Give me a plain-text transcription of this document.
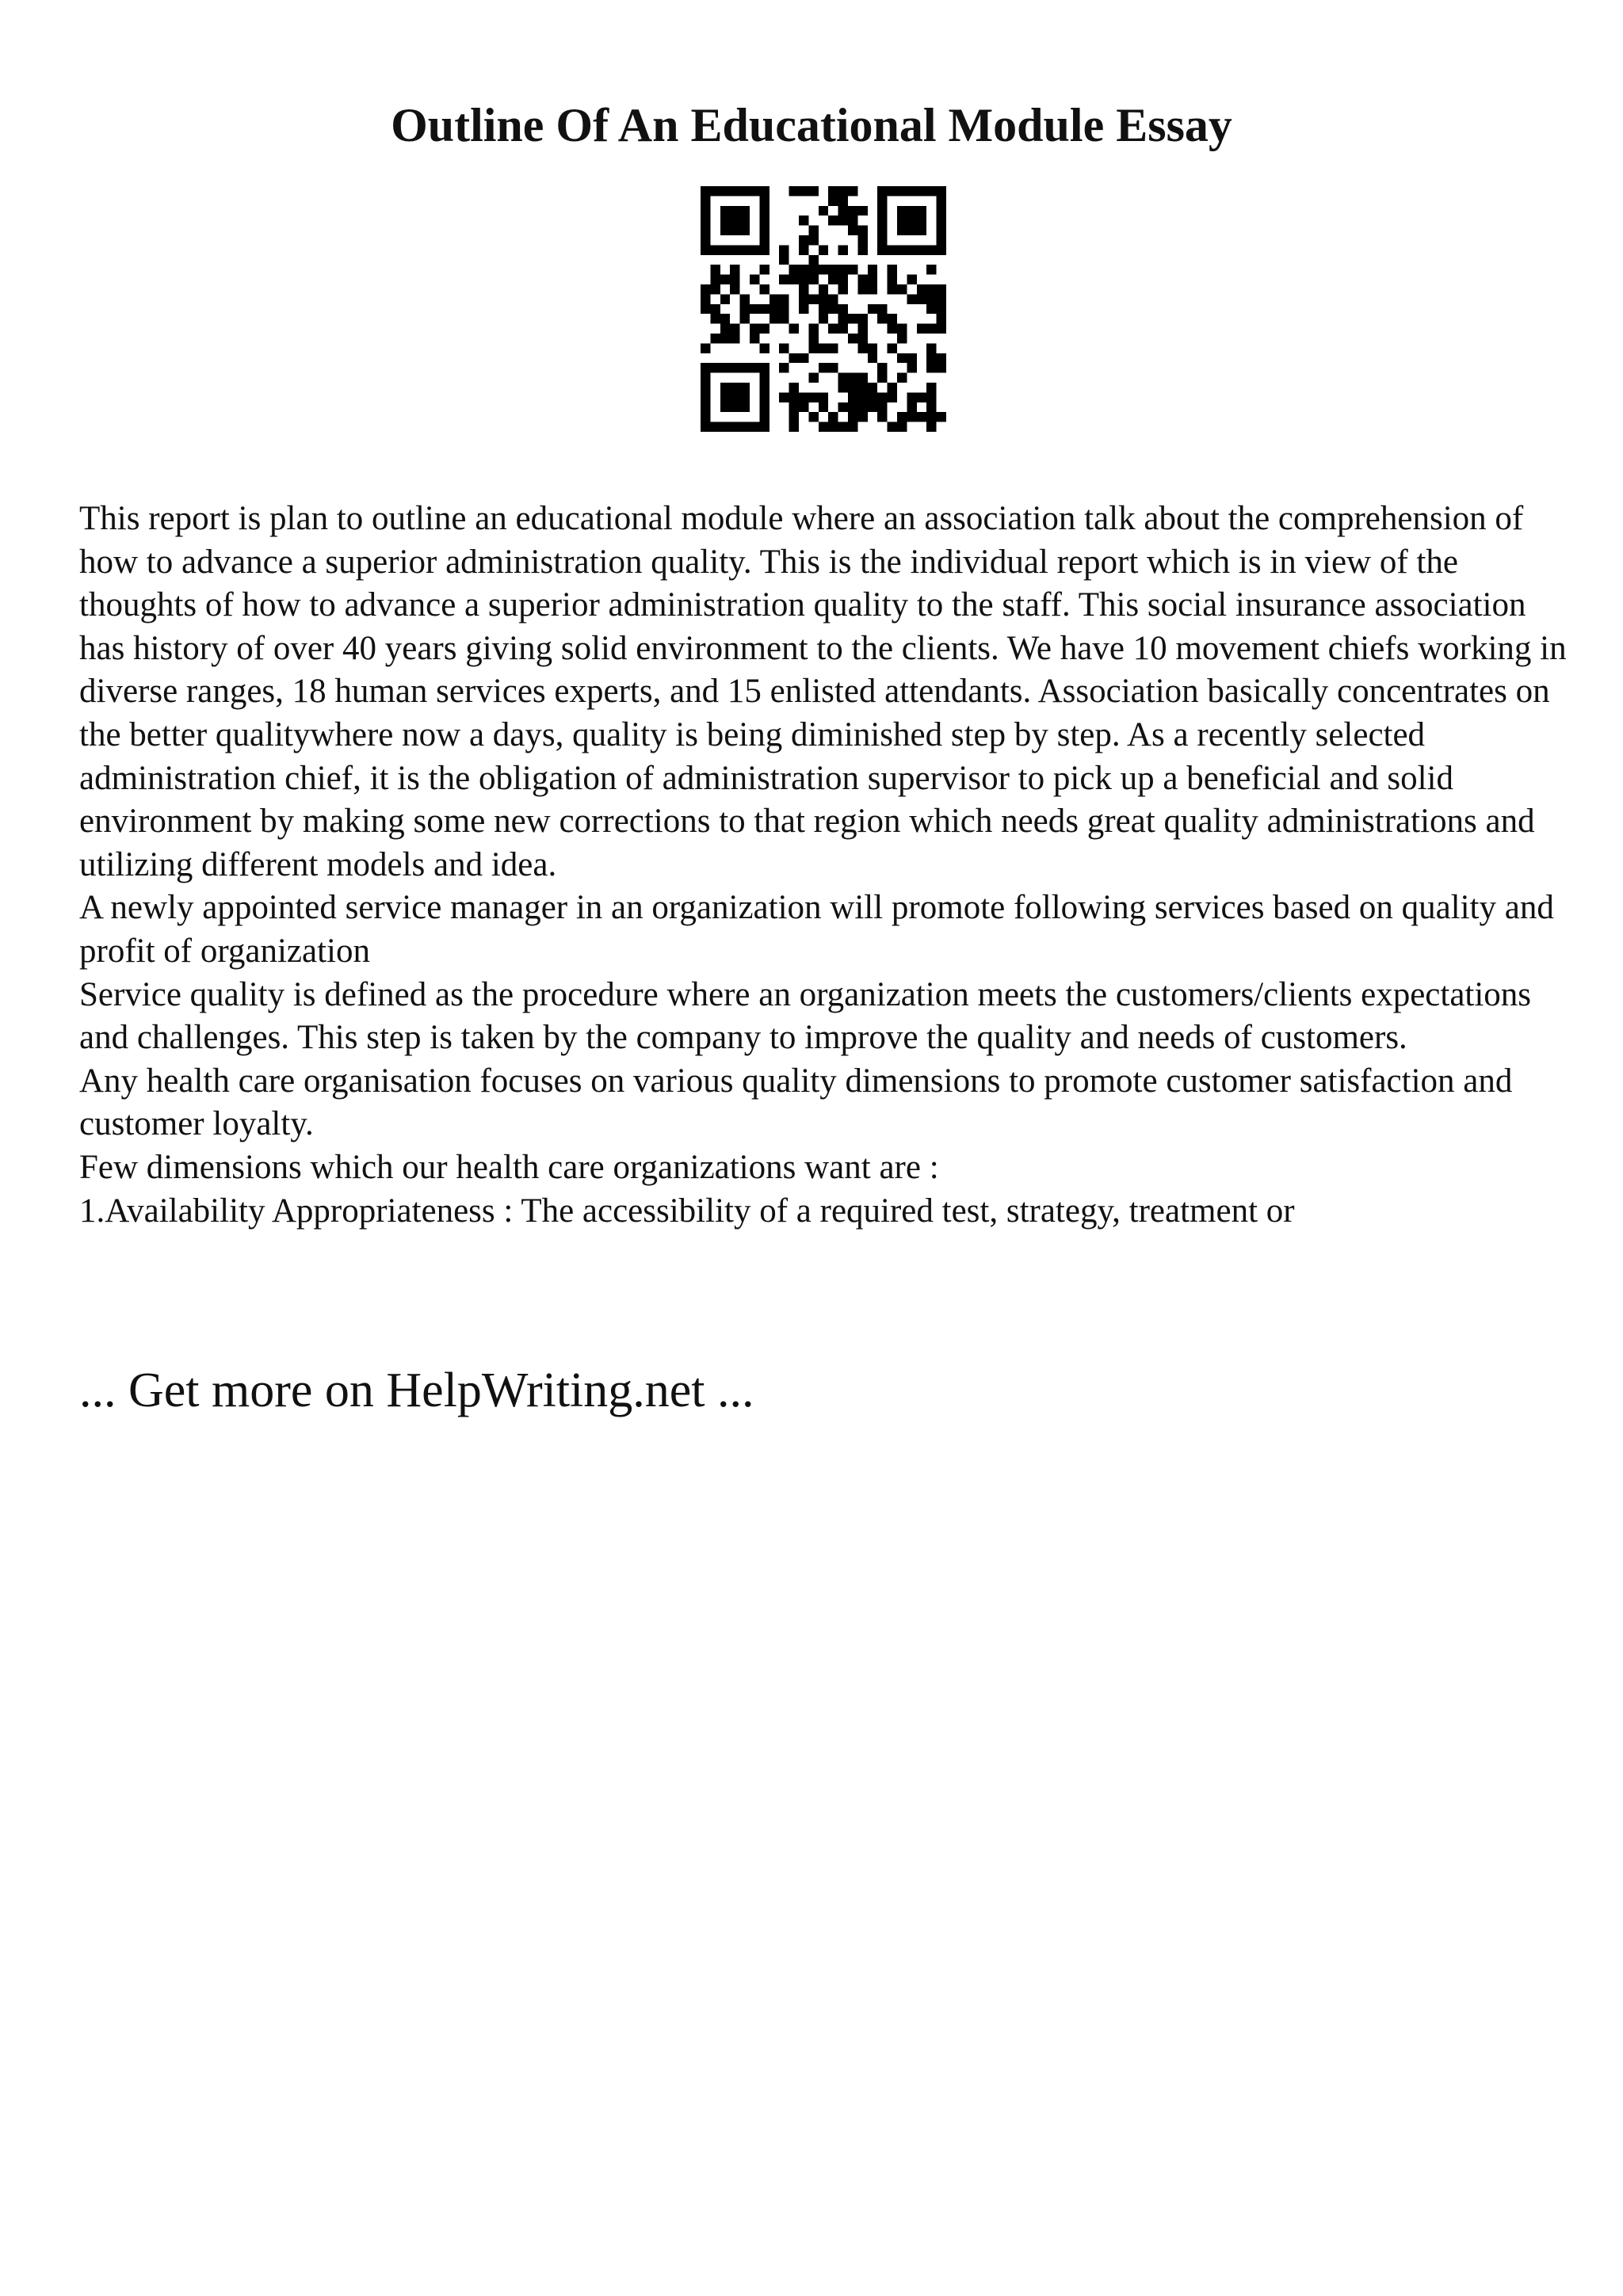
Outline Of An Educational Module Essay

This report is plan to outline an educational module where an association talk about the comprehension of how to advance a superior administration quality. This is the individual report which is in view of the thoughts of how to advance a superior administration quality to the staff. This social insurance association has history of over 40 years giving solid environment to the clients. We have 10 movement chiefs working in diverse ranges, 18 human services experts, and 15 enlisted attendants. Association basically concentrates on the better qualitywhere now a days, quality is being diminished step by step. As a recently selected administration chief, it is the obligation of administration supervisor to pick up a beneficial and solid environment by making some new corrections to that region which needs great quality administrations and utilizing different models and idea.

A newly appointed service manager in an organization will promote following services based on quality and profit of organization

Service quality is defined as the procedure where an organization meets the customers/clients expectations and challenges. This step is taken by the company to improve the quality and needs of customers.

Any health care organisation focuses on various quality dimensions to promote customer satisfaction and customer loyalty.

Few dimensions which our health care organizations want are :

1.Availability Appropriateness : The accessibility of a required test, strategy, treatment or

... Get more on HelpWriting.net ...
